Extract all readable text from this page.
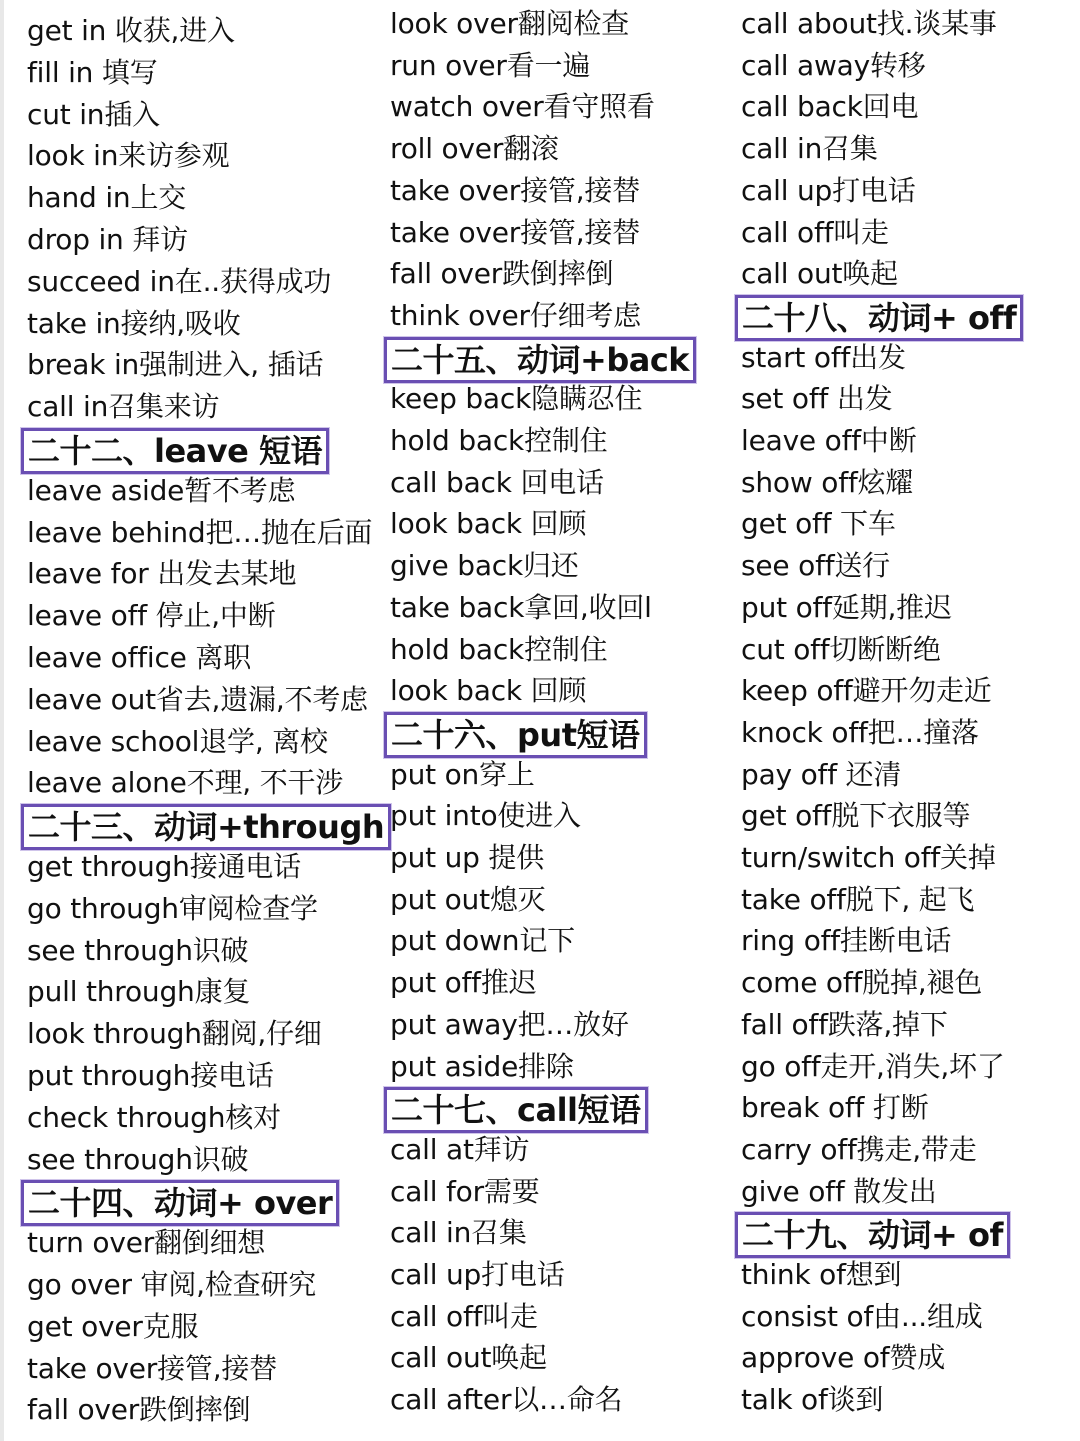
get in 收获,进入
fill in 填写
cut in插入
look in来访参观
hand in上交
drop in 拜访
succeed in在..获得成功
take in接纳,吸收
break in强制进入, 插话
call in召集来访
二十二、leave 短语
leave aside暂不考虑
leave behind把…抛在后面
leave for 出发去某地
leave off 停止,中断
leave office 离职
leave out省去,遗漏,不考虑
leave school退学, 离校
leave alone不理, 不干涉
二十三、动词+through
get through接通电话
go through审阅检查学
see through识破
pull through康复
look through翻阅,仔细
put through接电话
check through核对
see through识破
二十四、动词+ over
turn over翻倒细想
go over 审阅,检查研究
get over克服
take over接管,接替
fall over跌倒摔倒
look over翻阅检查
run over看一遍
watch over看守照看
roll over翻滚
take over接管,接替
take over接管,接替
fall over跌倒摔倒
think over仔细考虑
二十五、动词+back
keep back隐瞒忍住
hold back控制住
call back 回电话
look back 回顾
give back归还
take back拿回,收回l
hold back控制住
look back 回顾
二十六、put短语
put on穿上
put into使进入
put up 提供
put out熄灭
put down记下
put off推迟
put away把…放好
put aside排除
二十七、call短语
call at拜访
call for需要
call in召集
call up打电话
call off叫走
call out唤起
call after以…命名
call about找.谈某事
call away转移
call back回电
call in召集
call up打电话
call off叫走
call out唤起
二十八、动词+ off
start off出发
set off 出发
leave off中断
show off炫耀
get off 下车
see off送行
put off延期,推迟
cut off切断断绝
keep off避开勿走近
knock off把…撞落
pay off 还清
get off脱下衣服等
turn/switch off关掉
take off脱下, 起飞
ring off挂断电话
come off脱掉,褪色
fall off跌落,掉下
go off走开,消失,坏了
break off 打断
carry off携走,带走
give off 散发出
二十九、动词+ of
think of想到
consist of由...组成
approve of赞成
talk of谈到
